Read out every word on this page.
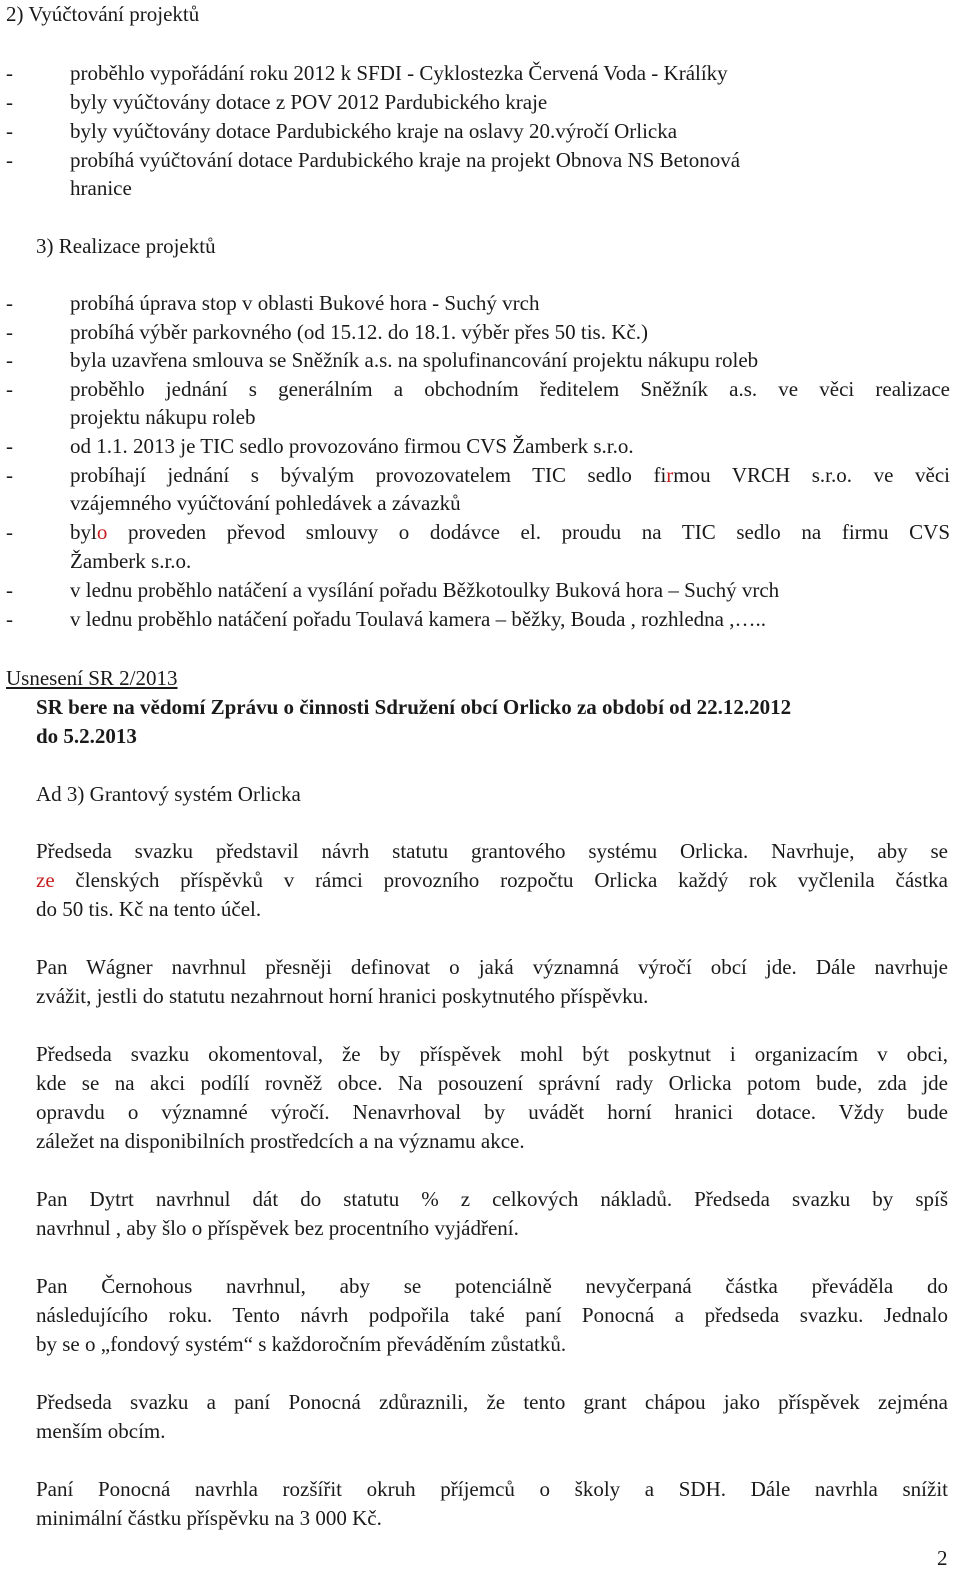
2) Vyúčtování projektů
-	proběhlo vypořádání roku 2012 k SFDI - Cyklostezka Červená Voda - Králíky
-	byly vyúčtovány dotace z POV 2012 Pardubického kraje
-	byly vyúčtovány dotace Pardubického kraje na oslavy 20.výročí Orlicka
-	probíhá vyúčtování dotace Pardubického kraje na projekt Obnova NS Betonová
hranice
3) Realizace projektů
-	probíhá úprava stop v oblasti Bukové hora - Suchý vrch
-	probíhá výběr parkovného (od 15.12. do 18.1. výběr přes 50 tis. Kč.)
-	byla uzavřena smlouva se Sněžník a.s. na spolufinancování projektu nákupu roleb
-	proběhlo jednání s generálním a obchodním ředitelem Sněžník a.s. ve věci realizace
projektu nákupu roleb
-	od 1.1. 2013 je TIC sedlo provozováno firmou CVS Žamberk s.r.o.
-	probíhají jednání s bývalým provozovatelem TIC sedlo firmou VRCH s.r.o. ve věci
vzájemného vyúčtování pohledávek a závazků
-	bylo proveden převod smlouvy o dodávce el. proudu na TIC sedlo na firmu CVS
Žamberk s.r.o.
-	v lednu proběhlo natáčení a vysílání pořadu Běžkotoulky Buková hora – Suchý vrch
-	v lednu proběhlo natáčení pořadu Toulavá kamera – běžky, Bouda , rozhledna ,…..
Usnesení SR 2/2013
SR bere na vědomí Zprávu o činnosti Sdružení obcí Orlicko za období od 22.12.2012
do 5.2.2013
Ad 3) Grantový systém Orlicka
Předseda svazku představil návrh statutu grantového systému Orlicka. Navrhuje, aby se
ze členských příspěvků v rámci provozního rozpočtu Orlicka každý rok vyčlenila částka
do 50 tis. Kč na tento účel.
Pan Wágner navrhnul přesněji definovat o jaká významná výročí obcí jde. Dále navrhuje
zvážit, jestli do statutu nezahrnout horní hranici poskytnutého příspěvku.
Předseda svazku okomentoval, že by příspěvek mohl být poskytnut i organizacím v obci,
kde se na akci podílí rovněž obce. Na posouzení správní rady Orlicka potom bude, zda jde
opravdu o významné výročí. Nenavrhoval by uvádět horní hranici dotace. Vždy bude
záležet na disponibilních prostředcích a na významu akce.
Pan Dytrt navrhnul dát do statutu % z celkových nákladů. Předseda svazku by spíš
navrhnul , aby šlo o příspěvek bez procentního vyjádření.
Pan Černohous navrhnul, aby se potenciálně nevyčerpaná částka převáděla do
následujícího roku. Tento návrh podpořila také paní Ponocná a předseda svazku. Jednalo
by se o „fondový systém“ s každoročním převáděním zůstatků.
Předseda svazku a paní Ponocná zdůraznili, že tento grant chápou jako příspěvek zejména
menším obcím.
Paní Ponocná navrhla rozšířit okruh příjemců o školy a SDH. Dále navrhla snížit
minimální částku příspěvku na 3 000 Kč.
2
